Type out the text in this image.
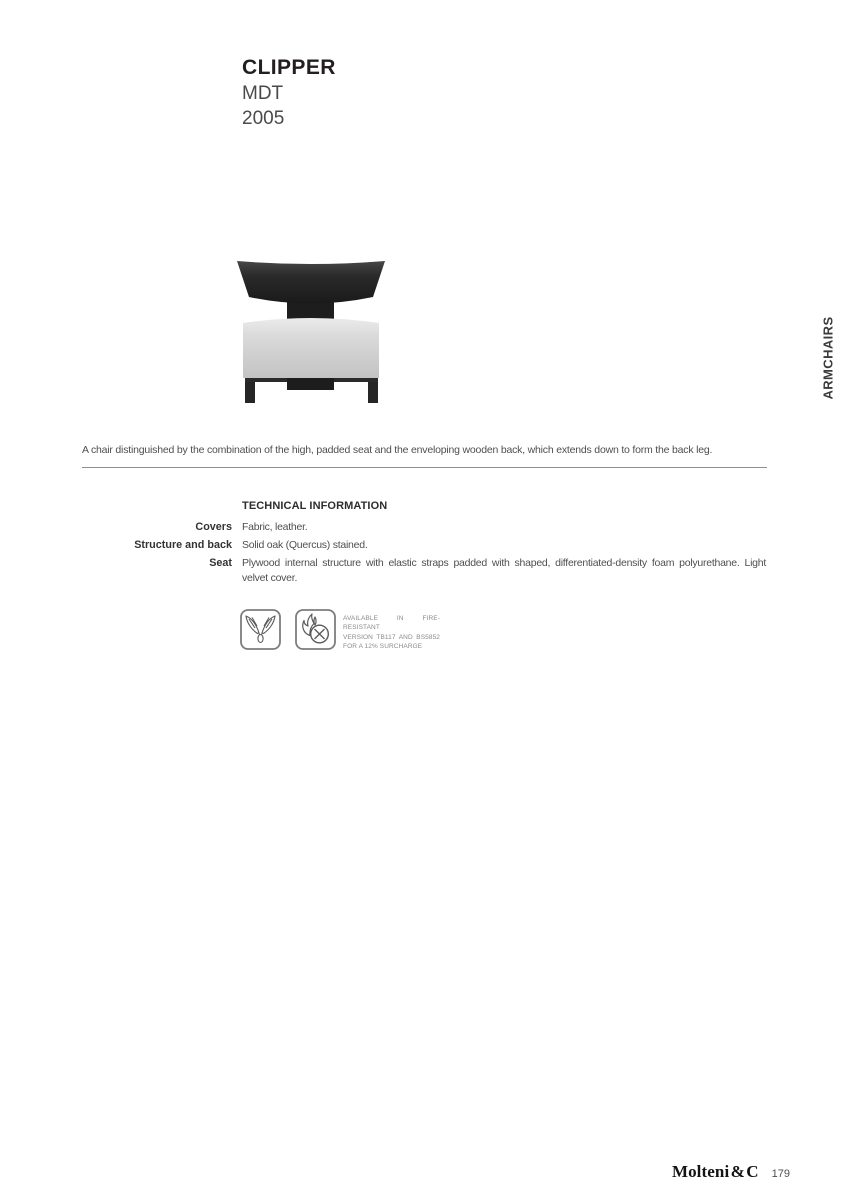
CLIPPER
MDT
2005
ARMCHAIRS

A chair distinguished by the combination of the high, padded seat and the enveloping wooden back, which extends down to form the back leg.

TECHNICAL INFORMATION
Covers Fabric, leather.
Structure and back Solid oak (Quercus) stained.
Seat Plywood internal structure with elastic straps padded with shaped, differentiated-density foam polyurethane. Light velvet cover.
AVAILABLE IN FIRE-RESISTANT
VERSION TB117 AND BS5852
FOR A 12% SURCHARGE
Molteni & C 179
